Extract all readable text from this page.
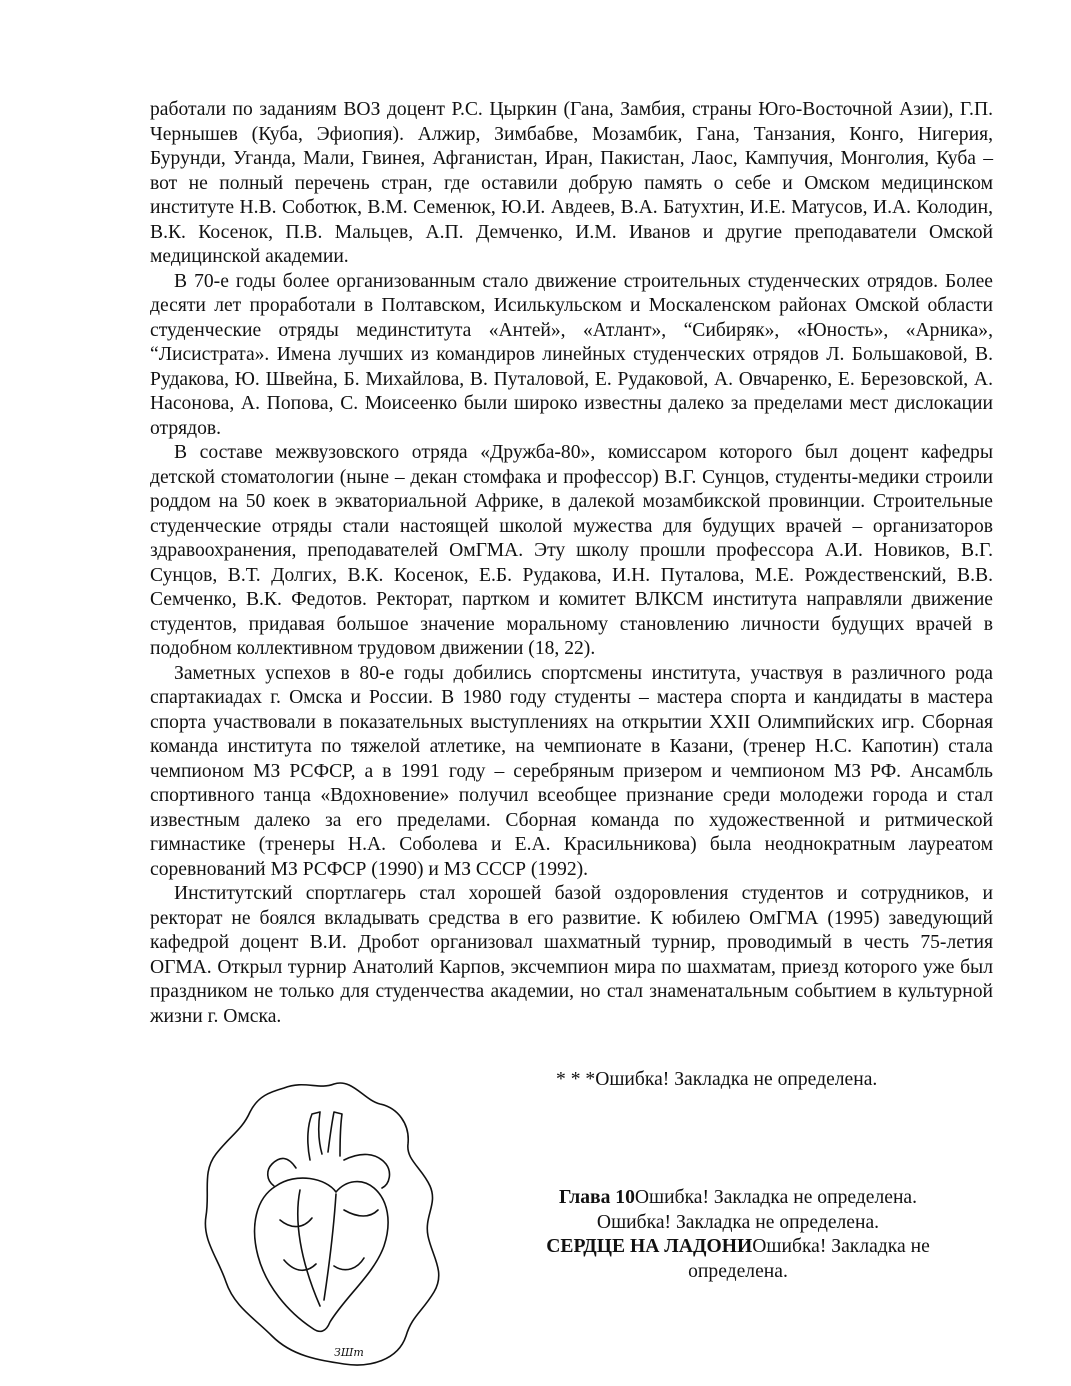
работали по заданиям ВОЗ доцент Р.С. Цыркин (Гана, Замбия, страны Юго-Восточной Азии), Г.П. Чернышев (Куба, Эфиопия). Алжир, Зимбабве, Мозамбик, Гана, Танзания, Конго, Нигерия, Бурунди, Уганда, Мали, Гвинея, Афганистан, Иран, Пакистан, Лаос, Кампучия, Монголия, Куба – вот не полный перечень стран, где оставили добрую память о себе и Омском медицинском институте Н.В. Соботюк, В.М. Семенюк, Ю.И. Авдеев, В.А. Батухтин, И.Е. Матусов, И.А. Колодин, В.К. Косенок, П.В. Мальцев, А.П. Демченко, И.М. Иванов и другие преподаватели Омской медицинской академии.

В 70-е годы более организованным стало движение строительных студенческих отрядов. Более десяти лет проработали в Полтавском, Исилькульском и Москаленском районах Омской области студенческие отряды мединститута «Антей», «Атлант», “Сибиряк», «Юность», «Арника», “Лисистрата». Имена лучших из командиров линейных студенческих отрядов Л. Большаковой, В. Рудакова, Ю. Швейна, Б. Михайлова, В. Путаловой, Е. Рудаковой, А. Овчаренко, Е. Березовской, А. Насонова, А. Попова, С. Моисеенко были широко известны далеко за пределами мест дислокации отрядов.

В составе межвузовского отряда «Дружба-80», комиссаром которого был доцент кафедры детской стоматологии (ныне – декан стомфака и профессор) В.Г. Сунцов, студенты-медики строили роддом на 50 коек в экваториальной Африке, в далекой мозамбикской провинции. Строительные студенческие отряды стали настоящей школой мужества для будущих врачей – организаторов здравоохранения, преподавателей ОмГМА. Эту школу прошли профессора А.И. Новиков, В.Г. Сунцов, В.Т. Долгих, В.К. Косенок, Е.Б. Рудакова, И.Н. Путалова, М.Е. Рождественский, В.В. Семченко, В.К. Федотов. Ректорат, партком и комитет ВЛКСМ института направляли движение студентов, придавая большое значение моральному становлению личности будущих врачей в подобном коллективном трудовом движении (18, 22).

Заметных успехов в 80-е годы добились спортсмены института, участвуя в различного рода спартакиадах г. Омска и России. В 1980 году студенты – мастера спорта и кандидаты в мастера спорта участвовали в показательных выступлениях на открытии XXII Олимпийских игр. Сборная команда института по тяжелой атлетике, на чемпионате в Казани, (тренер Н.С. Капотин) стала чемпионом МЗ РСФСР, а в 1991 году – серебряным призером и чемпионом МЗ РФ. Ансамбль спортивного танца «Вдохновение» получил всеобщее признание среди молодежи города и стал известным далеко за его пределами. Сборная команда по художественной и ритмической гимнастике (тренеры Н.А. Соболева и Е.А. Красильникова) была неоднократным лауреатом соревнований МЗ РСФСР (1990) и МЗ СССР (1992).

Институтский спортлагерь стал хорошей базой оздоровления студентов и сотрудников, и ректорат не боялся вкладывать средства в его развитие. К юбилею ОмГМА (1995) заведующий кафедрой доцент В.И. Дробот организовал шахматный турнир, проводимый в честь 75-летия ОГМА. Открыл турнир Анатолий Карпов, эксчемпион мира по шахматам, приезд которого уже был праздником не только для студенчества академии, но стал знаменатальным событием в культурной жизни г. Омска.

* * *Ошибка! Закладка не определена.
ЗШт
Глава 10Ошибка! Закладка не определена.
Ошибка! Закладка не определена.
СЕРДЦЕ НА ЛАДОНИОшибка! Закладка не определена.
